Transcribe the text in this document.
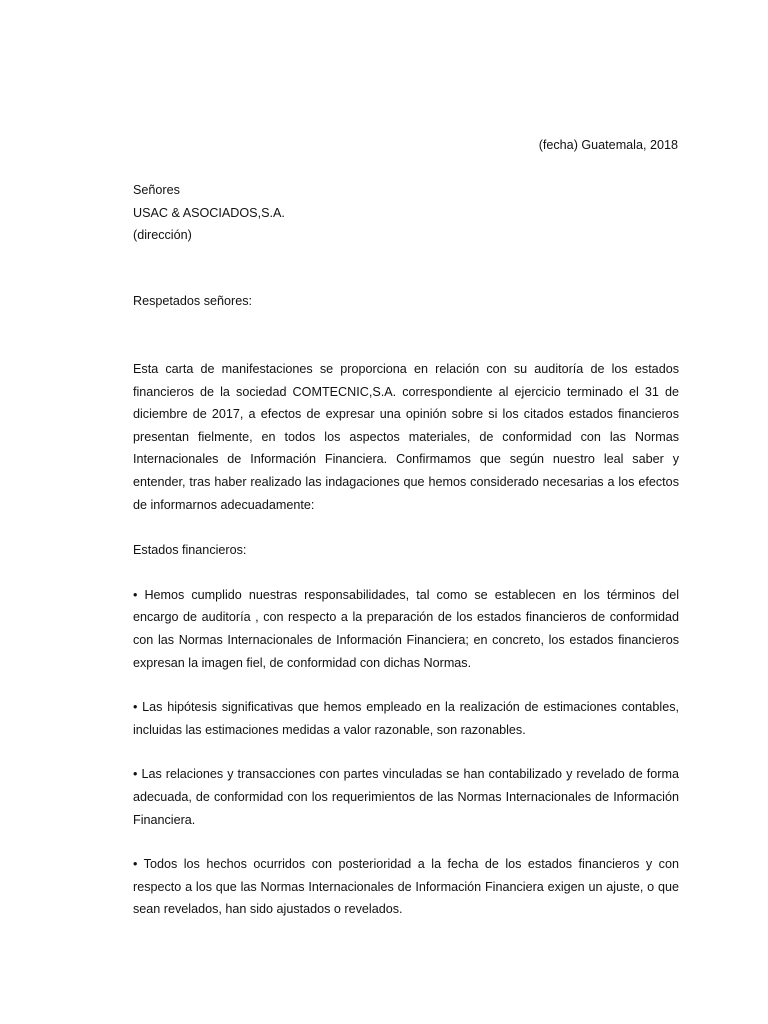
(fecha) Guatemala, 2018
Señores
USAC & ASOCIADOS,S.A.
(dirección)
Respetados señores:

Esta carta de manifestaciones se proporciona en relación con su auditoría de los estados financieros de la sociedad COMTECNIC,S.A. correspondiente al ejercicio terminado el 31 de diciembre de 2017, a efectos de expresar una opinión sobre si los citados estados financieros presentan fielmente, en todos los aspectos materiales, de conformidad con las Normas Internacionales de Información Financiera. Confirmamos que según nuestro leal saber y entender, tras haber realizado las indagaciones que hemos considerado necesarias a los efectos de informarnos adecuadamente:

Estados financieros:

• Hemos cumplido nuestras responsabilidades, tal como se establecen en los términos del encargo de auditoría , con respecto a la preparación de los estados financieros de conformidad con las Normas Internacionales de Información Financiera; en concreto, los estados financieros expresan la imagen fiel, de conformidad con dichas Normas.

• Las hipótesis significativas que hemos empleado en la realización de estimaciones contables, incluidas las estimaciones medidas a valor razonable, son razonables.

• Las relaciones y transacciones con partes vinculadas se han contabilizado y revelado de forma adecuada, de conformidad con los requerimientos de las Normas Internacionales de Información Financiera.

• Todos los hechos ocurridos con posterioridad a la fecha de los estados financieros y con respecto a los que las Normas Internacionales de Información Financiera exigen un ajuste, o que sean revelados, han sido ajustados o revelados.
